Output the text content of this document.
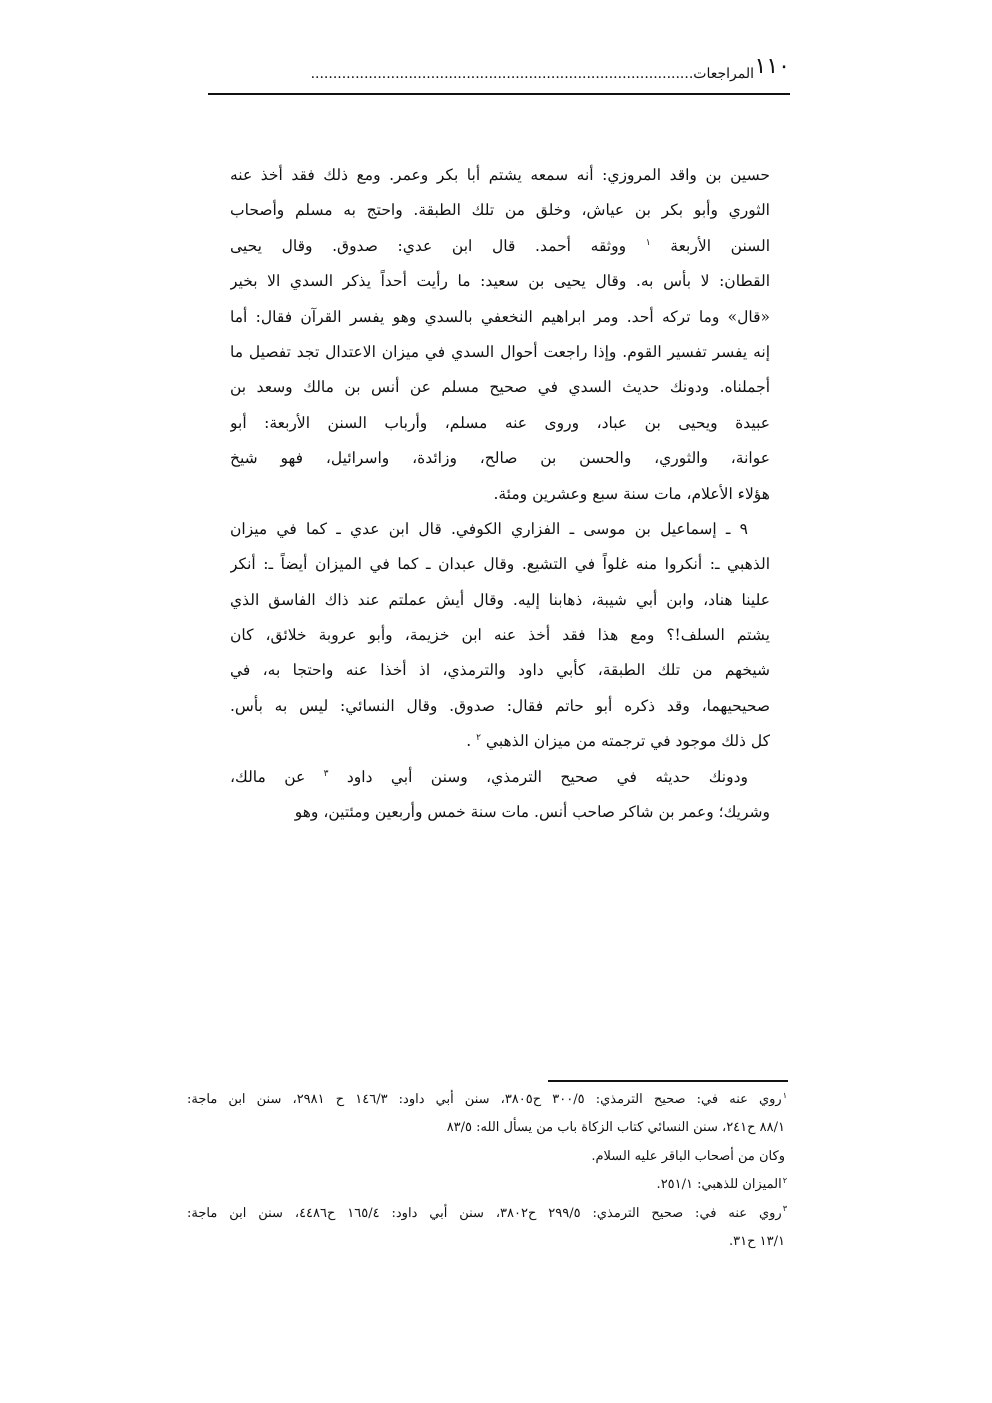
١١٠
المراجعات......................................................................................
حسين بن واقد المروزي: أنه سمعه يشتم أبا بكر وعمر. ومع ذلك فقد أخذ عنه
الثوري وأبو بكر بن عياش، وخلق من تلك الطبقة. واحتج به مسلم وأصحاب
السنن الأربعة $^١$ ووثقه أحمد. قال ابن عدي: صدوق. وقال يحيى
القطان: لا بأس به. وقال يحيى بن سعيد: ما رأيت أحداً يذكر السدي الا بخير
«قال» وما تركه أحد. ومر ابراهيم النخعفي بالسدي وهو يفسر القرآن فقال: أما
إنه يفسر تفسير القوم. وإذا راجعت أحوال السدي في ميزان الاعتدال تجد تفصيل ما
أجملناه. ودونك حديث السدي في صحيح مسلم عن أنس بن مالك وسعد بن
عبيدة ويحيى بن عباد، وروى عنه مسلم، وأرباب السنن الأربعة: أبو
عوانة، والثوري، والحسن بن صالح، وزائدة، واسرائيل، فهو شيخ
هؤلاء الأعلام، مات سنة سبع وعشرين ومئة.
٩ ـ إسماعيل بن موسى ـ الفزاري الكوفي. قال ابن عدي ـ كما في ميزان
الذهبي ـ: أنكروا منه غلواً في التشيع. وقال عبدان ـ كما في الميزان أيضاً ـ: أنكر
علينا هناد، وابن أبي شيبة، ذهابنا إليه. وقال أيش عملتم عند ذاك الفاسق الذي
يشتم السلف!؟ ومع هذا فقد أخذ عنه ابن خزيمة، وأبو عروبة خلائق، كان
شيخهم من تلك الطبقة، كأبي داود والترمذي، اذ أخذا عنه واحتجا به، في
صحيحيهما، وقد ذكره أبو حاتم فقال: صدوق. وقال النسائي: ليس به بأس.
كل ذلك موجود في ترجمته من ميزان الذهبي $^٢$ .
ودونك حديثه في صحيح الترمذي، وسنن أبي داود $^٣$ عن مالك،
وشريك؛ وعمر بن شاكر صاحب أنس. مات سنة خمس وأربعين ومئتين، وهو
$^١$روي عنه في: صحيح الترمذي: ٣٠٠/٥ ح٣٨٠٥، سنن أبي داود: ١٤٦/٣ ح ٢٩٨١، سنن ابن ماجة:
٨٨/١ ح٢٤١، سنن النسائي كتاب الزكاة باب من يسأل الله: ٨٣/٥
وكان من أصحاب الباقر عليه السلام.
$^٢$الميزان للذهبي: ٢٥١/١.
$^٣$روي عنه في: صحيح الترمذي: ٢٩٩/٥ ح٣٨٠٢، سنن أبي داود: ١٦٥/٤ ح٤٤٨٦، سنن ابن ماجة:
١٣/١ ح٣١.
